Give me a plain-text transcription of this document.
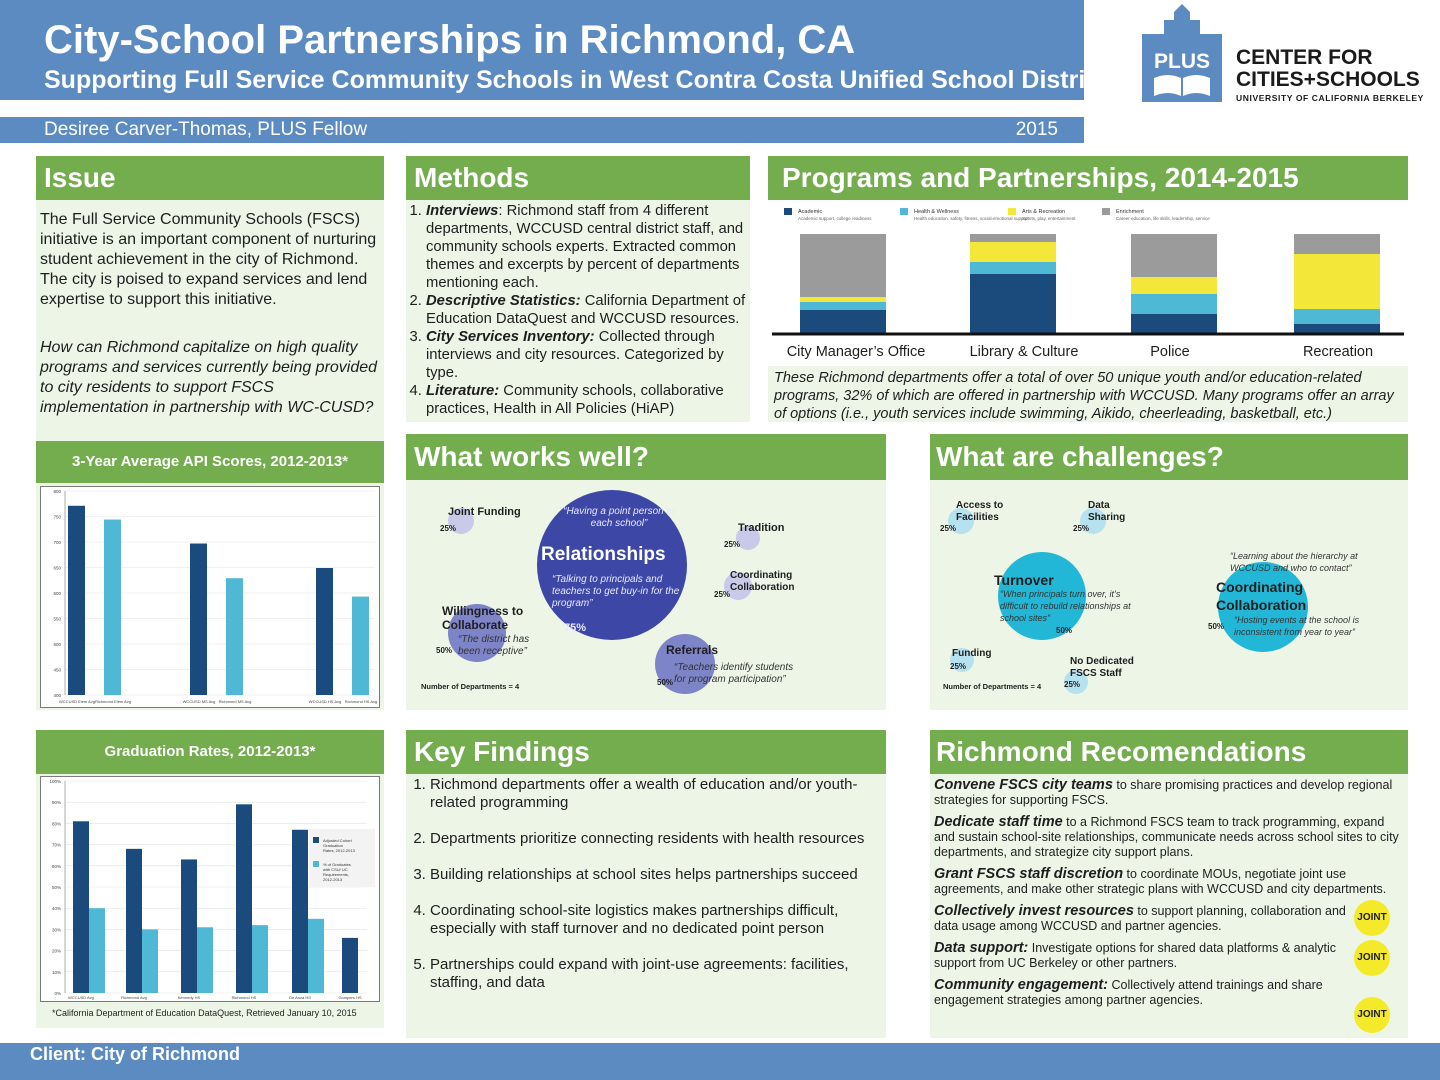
City-School Partnerships in Richmond, CA
Supporting Full Service Community Schools in West Contra Costa Unified School District
Desiree Carver-Thomas, PLUS Fellow	2015
PLUS CENTER FOR
CITIES+SCHOOLS
UNIVERSITY OF CALIFORNIA BERKELEY
Issue
The Full Service Community Schools (FSCS) initiative is an important component of nurturing student achievement in the city of Richmond. The city is poised to expand services and lend expertise to support this initiative.
How can Richmond capitalize on high quality programs and services currently being provided to city residents to support FSCS implementation in partnership with WC-CUSD?
3-Year Average API Scores, 2012-2013*
800
750
700
650
600
550
500
450
400
WCCUSD Elem Avg Richmond Elem Avg	WCCUSD MS Avg Richmond MS Avg	WCCUSD HS Avg Richmond HS Avg
Graduation Rates, 2012-2013*
100%
90%
80%
70%
60%
50%
40%
30%
20%
10%
0%
WCCUSD Avg	Richmond Avg	Kennedy HS	Richmond HS	De Anza HS	Gompers HS
Adjusted Cohort Graduation Rates, 2012-2013
% of Graduates with CSU/ UC Requirements, 2012-2013
*California Department of Education DataQuest, Retrieved January 10, 2015
Methods
1. Interviews: Richmond staff from 4 different departments, WCCUSD central district staff, and community schools experts. Extracted common themes and excerpts by percent of departments mentioning each.
2. Descriptive Statistics: California Department of Education DataQuest and WCCUSD resources.
3. City Services Inventory: Collected through interviews and city resources. Categorized by type.
4. Literature: Community schools, collaborative practices, Health in All Policies (HiAP)
Programs and Partnerships, 2014-2015
Academic
Academic support, college readiness
Health & Wellness
Health education, safety, fitness, social-emotional support
Arts & Recreation
Sports, play, entertainment
Enrichment
Career education, life skills, leadership, service
City Manager’s Office	Library & Culture	Police	Recreation
These Richmond departments offer a total of over 50 unique youth and/or education-related programs, 32% of which are offered in partnership with WCCUSD. Many programs offer an array of options (i.e., youth services include swimming, Aikido, cheerleading, basketball, etc.)
What works well?
Joint Funding
25%
“Having a point person at each school”
Relationships
“Talking to principals and teachers to get buy-in for the program”
75%
Tradition
25%
Coordinating Collaboration
25%
Willingness to Collaborate
“The district has been receptive”
50%	Referrals
“Teachers identify students for program participation”
50%
Number of Departments = 4
What are challenges?
Access to Facilities
25%
Data Sharing
25%
Turnover
“When principals turn over, it’s difficult to rebuild relationships at school sites”
50%
“Learning about the hierarchy at WCCUSD and who to contact”
Coordinating Collaboration
“Hosting events at the school is inconsistent from year to year”
50%
Funding
25%	No Dedicated FSCS Staff
25%
Number of Departments = 4
Key Findings
1. Richmond departments offer a wealth of education and/or youth-related programming
2. Departments prioritize connecting residents with health resources
3. Building relationships at school sites helps partnerships succeed
4. Coordinating school-site logistics makes partnerships difficult, especially with staff turnover and no dedicated point person
5. Partnerships could expand with joint-use agreements: facilities, staffing, and data
Richmond Recomendations
Convene FSCS city teams to share promising practices and develop regional strategies for supporting FSCS.
Dedicate staff time to a Richmond FSCS team to track programming, expand and sustain school-site relationships, communicate needs across school sites to city departments, and strategize city support plans.
Grant FSCS staff discretion to coordinate MOUs, negotiate joint use agreements, and make other strategic plans with WCCUSD and city departments.
Collectively invest resources to support planning, collaboration and data usage among WCCUSD and partner agencies.
Data support: Investigate options for shared data platforms & analytic support from UC Berkeley or other partners.
Community engagement: Collectively attend trainings and share engagement strategies among partner agencies.
JOINT
JOINT
JOINT
Client: City of Richmond
